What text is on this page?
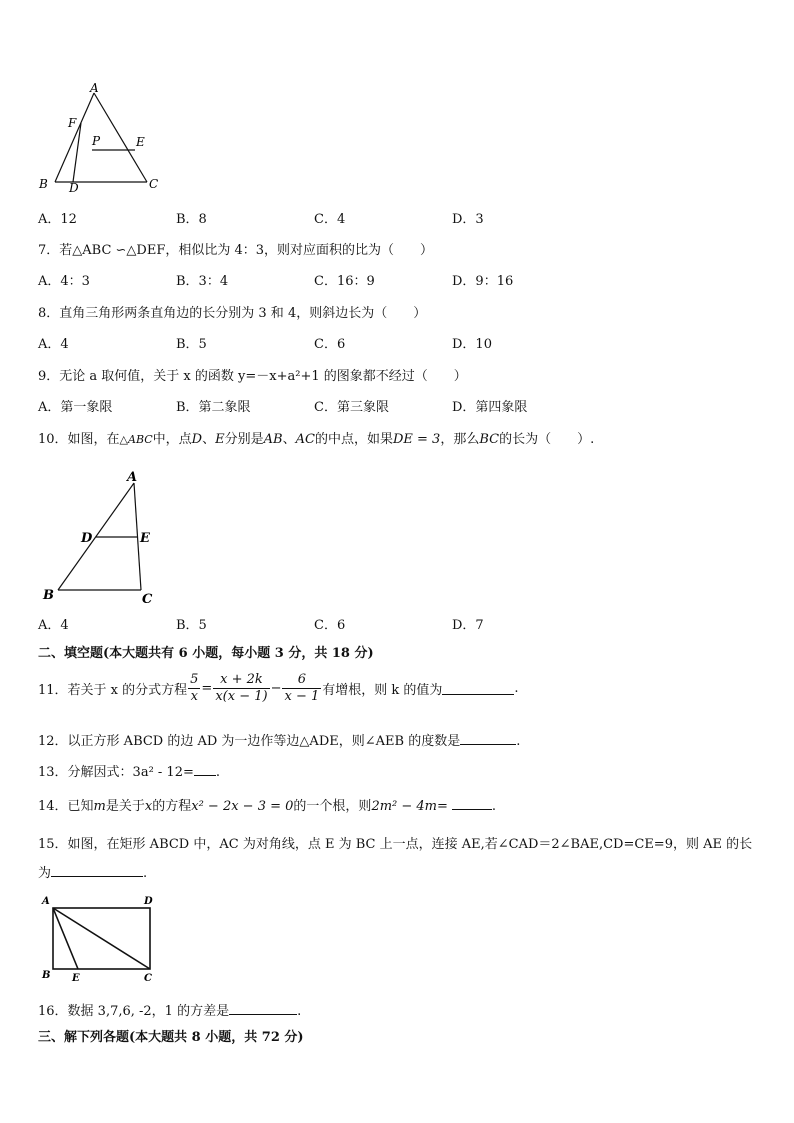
A
F
P	E
B D	C
A．12	B．8	C．4	D．3
7．若△ABC ∽△DEF，相似比为 4：3，则对应面积的比为（　　）
A．4：3	B．3：4	C．16：9	D．9：16
8．直角三角形两条直角边的长分别为 3 和 4，则斜边长为（　　）
A．4	B．5	C．6	D．10
9．无论 a 取何值，关于 x 的函数 y=－x+a²+1 的图象都不经过（　　）
A．第一象限	B．第二象限	C．第三象限	D．第四象限
10．如图，在△ABC中，点D、E分别是AB、AC的中点，如果DE = 3，那么BC的长为（　　）.
A
D	E
B	C
A．4	B．5	C．6	D．7
二、填空题(本大题共有 6 小题，每小题 3 分，共 18 分)
11．若关于 x 的分式方程 $\frac{5}{x} = \frac{x + 2k}{x(x - 1)} - \frac{6}{x - 1}$ 有增根，则 k 的值为	.
12．以正方形 ABCD 的边 AD 为一边作等边△ADE，则∠AEB 的度数是	.
13．分解因式：3a² - 12= .
14．已知m是关于x的方程x² − 2x − 3 = 0的一个根，则2m² − 4m=	.
15．如图，在矩形 ABCD 中，AC 为对角线，点 E 为 BC 上一点，连接 AE,若∠CAD＝2∠BAE,CD=CE=9，则 AE 的长
为	.
A	D
B E	C
16．数据 3,7,6, -2，1 的方差是	.
三、解下列各题(本大题共 8 小题，共 72 分)
